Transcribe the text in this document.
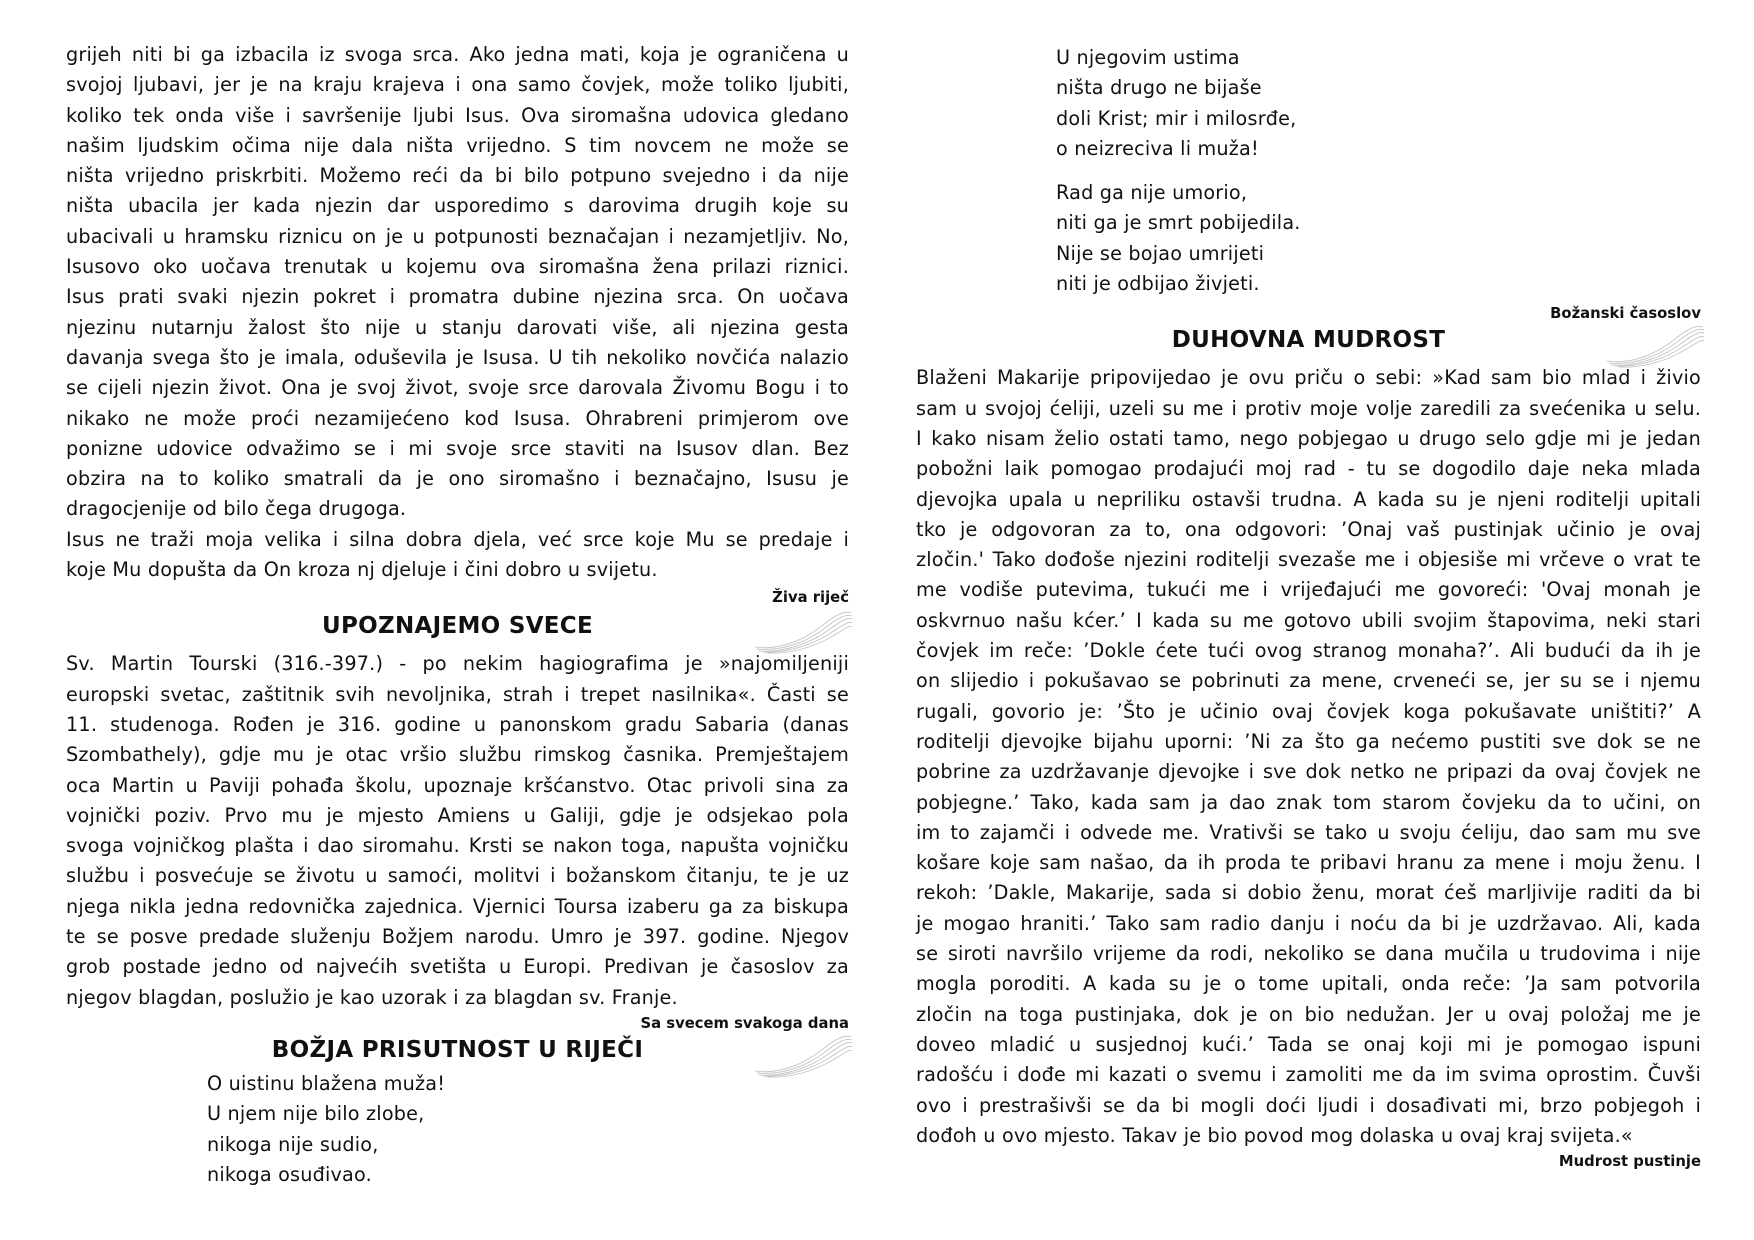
grijeh niti bi ga izbacila iz svoga srca. Ako jedna mati, koja je ograničena u
svojoj ljubavi, jer je na kraju krajeva i ona samo čovjek, može toliko ljubiti,
koliko tek onda više i savršenije ljubi Isus. Ova siromašna udovica gledano
našim ljudskim očima nije dala ništa vrijedno. S tim novcem ne može se
ništa vrijedno priskrbiti. Možemo reći da bi bilo potpuno svejedno i da nije
ništa ubacila jer kada njezin dar usporedimo s darovima drugih koje su
ubacivali u hramsku riznicu on je u potpunosti beznačajan i nezamjetljiv. No,
Isusovo oko uočava trenutak u kojemu ova siromašna žena prilazi riznici.
Isus prati svaki njezin pokret i promatra dubine njezina srca. On uočava
njezinu nutarnju žalost što nije u stanju darovati više, ali njezina gesta
davanja svega što je imala, oduševila je Isusa. U tih nekoliko novčića nalazio
se cijeli njezin život. Ona je svoj život, svoje srce darovala Živomu Bogu i to
nikako ne može proći nezamijećeno kod Isusa. Ohrabreni primjerom ove
ponizne udovice odvažimo se i mi svoje srce staviti na Isusov dlan. Bez
obzira na to koliko smatrali da je ono siromašno i beznačajno, Isusu je
dragocjenije od bilo čega drugoga.

Isus ne traži moja velika i silna dobra djela, već srce koje Mu se predaje i
koje Mu dopušta da On kroza nj djeluje i čini dobro u svijetu.

Živa riječ

UPOZNAJEMO SVECE

Sv. Martin Tourski (316.-397.) - po nekim hagiografima je »najomiljeniji
europski svetac, zaštitnik svih nevoljnika, strah i trepet nasilnika«. Časti se
11. studenoga. Rođen je 316. godine u panonskom gradu Sabaria (danas
Szombathely), gdje mu je otac vršio službu rimskog časnika. Premještajem
oca Martin u Paviji pohađa školu, upoznaje kršćanstvo. Otac privoli sina za
vojnički poziv. Prvo mu je mjesto Amiens u Galiji, gdje je odsjekao pola
svoga vojničkog plašta i dao siromahu. Krsti se nakon toga, napušta vojničku
službu i posvećuje se životu u samoći, molitvi i božanskom čitanju, te je uz
njega nikla jedna redovnička zajednica. Vjernici Toursa izaberu ga za biskupa
te se posve predade služenju Božjem narodu. Umro je 397. godine. Njegov
grob postade jedno od najvećih svetišta u Europi. Predivan je časoslov za
njegov blagdan, poslužio je kao uzorak i za blagdan sv. Franje.

Sa svecem svakoga dana

BOŽJA PRISUTNOST U RIJEČI
O uistinu blažena muža!
U njem nije bilo zlobe,
nikoga nije sudio,
nikoga osuđivao.
U njegovim ustima
ništa drugo ne bijaše
doli Krist; mir i milosrđe,
o neizreciva li muža!
Rad ga nije umorio,
niti ga je smrt pobijedila.
Nije se bojao umrijeti
niti je odbijao živjeti.

Božanski časoslov

DUHOVNA MUDROST

Blaženi Makarije pripovijedao je ovu priču o sebi: »Kad sam bio mlad i živio
sam u svojoj ćeliji, uzeli su me i protiv moje volje zaredili za svećenika u selu.
I kako nisam želio ostati tamo, nego pobjegao u drugo selo gdje mi je jedan
pobožni laik pomogao prodajući moj rad - tu se dogodilo daje neka mlada
djevojka upala u nepriliku ostavši trudna. A kada su je njeni roditelji upitali
tko je odgovoran za to, ona odgovori: ’Onaj vaš pustinjak učinio je ovaj
zločin.' Tako dođoše njezini roditelji svezaše me i objesiše mi vrčeve o vrat te
me vodiše putevima, tukući me i vrijeđajući me govoreći: 'Ovaj monah je
oskvrnuo našu kćer.’ I kada su me gotovo ubili svojim štapovima, neki stari
čovjek im reče: ’Dokle ćete tući ovog stranog monaha?’. Ali budući da ih je
on slijedio i pokušavao se pobrinuti za mene, crveneći se, jer su se i njemu
rugali, govorio je: ’Što je učinio ovaj čovjek koga pokušavate uništiti?’ A
roditelji djevojke bijahu uporni: ’Ni za što ga nećemo pustiti sve dok se ne
pobrine za uzdržavanje djevojke i sve dok netko ne pripazi da ovaj čovjek ne
pobjegne.’ Tako, kada sam ja dao znak tom starom čovjeku da to učini, on
im to zajamči i odvede me. Vrativši se tako u svoju ćeliju, dao sam mu sve
košare koje sam našao, da ih proda te pribavi hranu za mene i moju ženu. I
rekoh: ’Dakle, Makarije, sada si dobio ženu, morat ćeš marljivije raditi da bi
je mogao hraniti.’ Tako sam radio danju i noću da bi je uzdržavao. Ali, kada
se siroti navršilo vrijeme da rodi, nekoliko se dana mučila u trudovima i nije
mogla poroditi. A kada su je o tome upitali, onda reče: ’Ja sam potvorila
zločin na toga pustinjaka, dok je on bio nedužan. Jer u ovaj položaj me je
doveo mladić u susjednoj kući.’ Tada se onaj koji mi je pomogao ispuni
radošću i dođe mi kazati o svemu i zamoliti me da im svima oprostim. Čuvši
ovo i prestrašivši se da bi mogli doći ljudi i dosađivati mi, brzo pobjegoh i
dođoh u ovo mjesto. Takav je bio povod mog dolaska u ovaj kraj svijeta.«

Mudrost pustinje
